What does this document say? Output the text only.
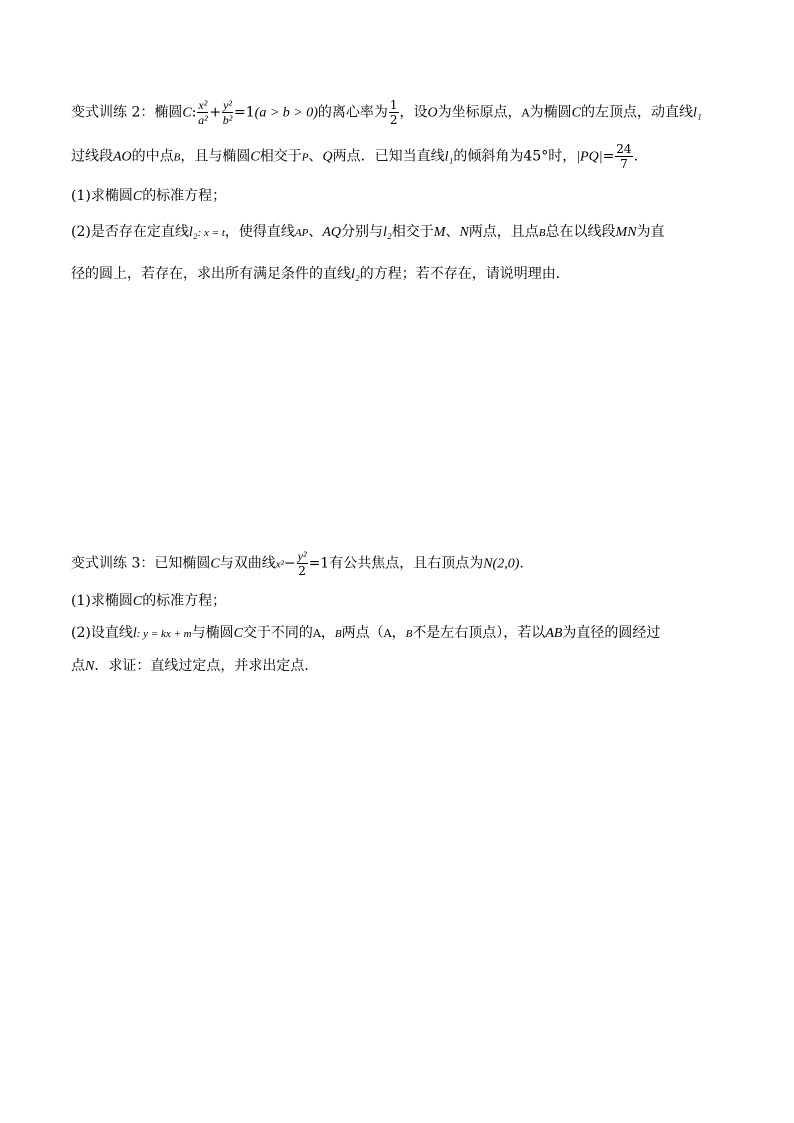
变式训练 2：椭圆C: $\frac{\text{x²}}{\text{a²}} + \frac{\text{y²}}{\text{b²}} =1(a > b > 0)$的离心率为 $\frac{1}{2}$ ，设O为坐标原点，A为椭圆C的左顶点，动直线l₁
过线段AO的中点B，且与椭圆C相交于P、Q两点．已知当直线l₁的倾斜角为45°时，$|PQ|= \frac{24}{7}$ .
(1)求椭圆C的标准方程；
(2)是否存在定直线l₂: x = t，使得直线AP、AQ分别与l₂相交于M、N两点，且点B总在以线段MN为直
径的圆上，若存在，求出所有满足条件的直线l₂的方程；若不存在，请说明理由．
变式训练 3：已知椭圆C与双曲线$x^2- \frac{\text{y²}}{2} =1$有公共焦点，且右顶点为N(2,0).
(1)求椭圆C的标准方程；
(2)设直线l: y = kx + m与椭圆C交于不同的A，B两点（A，B不是左右顶点），若以AB为直径的圆经过
点N．求证：直线过定点，并求出定点．
